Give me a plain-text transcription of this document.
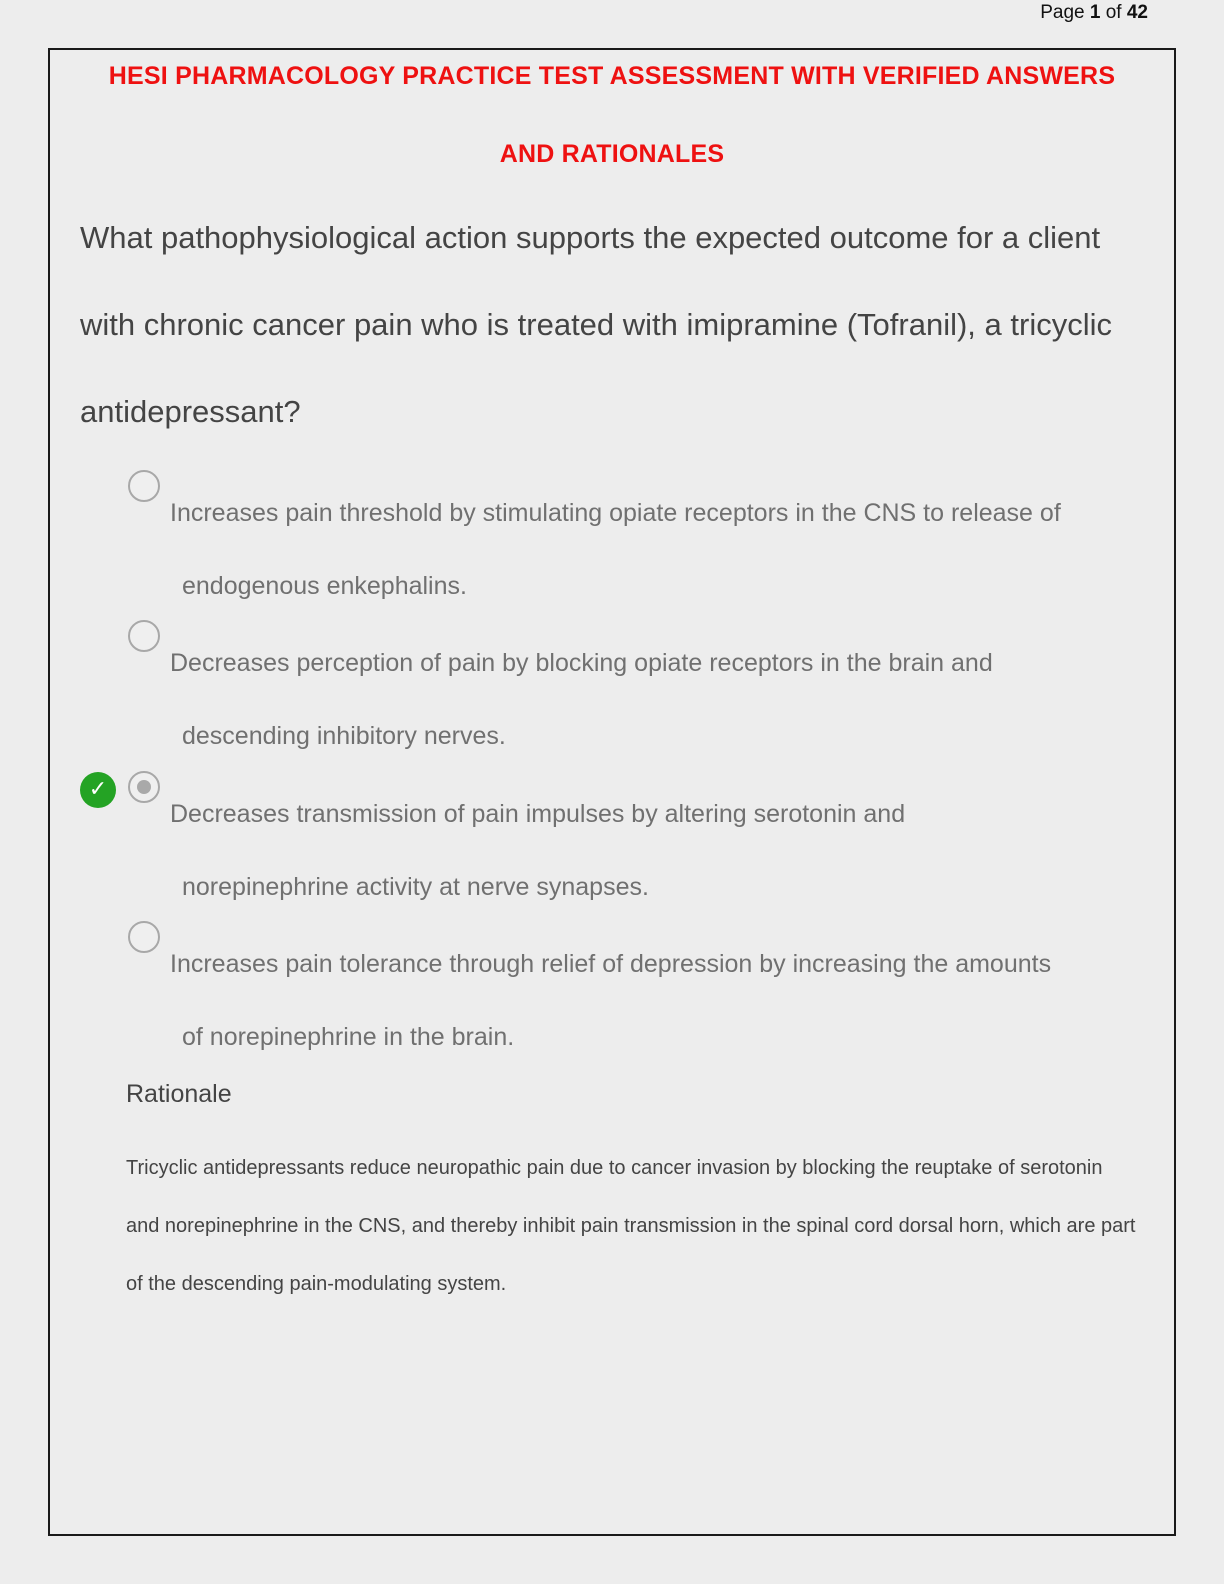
Page 1 of 42
HESI PHARMACOLOGY PRACTICE TEST ASSESSMENT WITH VERIFIED ANSWERS
AND RATIONALES
What pathophysiological action supports the expected outcome for a client with chronic cancer pain who is treated with imipramine (Tofranil), a tricyclic antidepressant?
Increases pain threshold by stimulating opiate receptors in the CNS to release of
endogenous enkephalins.
Decreases perception of pain by blocking opiate receptors in the brain and
descending inhibitory nerves.
✓
Decreases transmission of pain impulses by altering serotonin and
norepinephrine activity at nerve synapses.
Increases pain tolerance through relief of depression by increasing the amounts
of norepinephrine in the brain.
Rationale
Tricyclic antidepressants reduce neuropathic pain due to cancer invasion by blocking the reuptake of serotonin and norepinephrine in the CNS, and thereby inhibit pain transmission in the spinal cord dorsal horn, which are part of the descending pain-modulating system.
